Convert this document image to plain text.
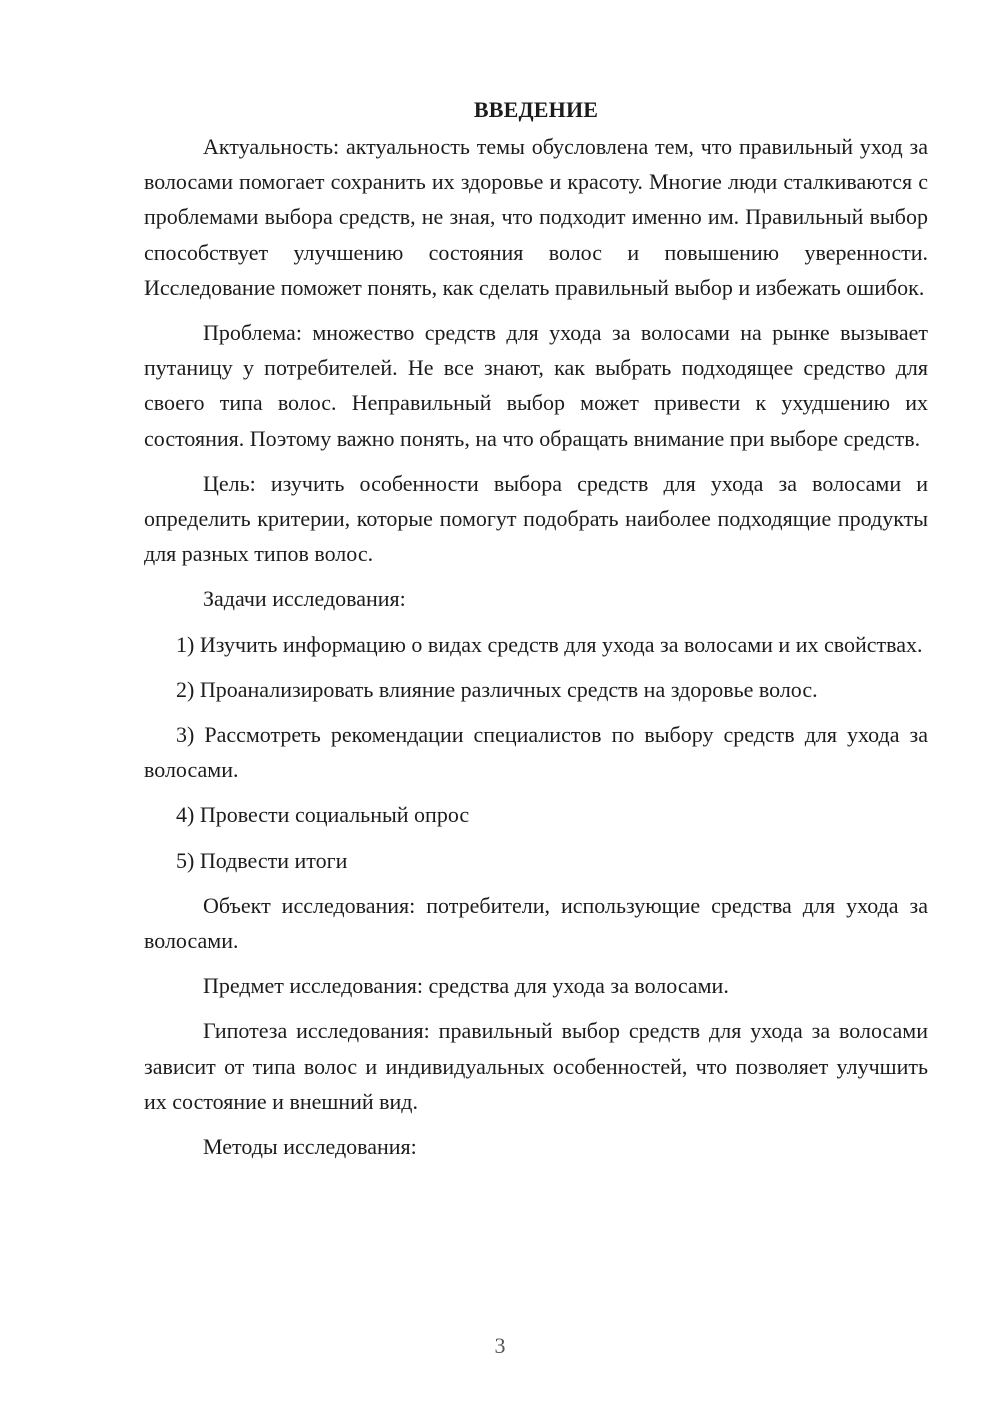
ВВЕДЕНИЕ

Актуальность: актуальность темы обусловлена тем, что правильный уход за волосами помогает сохранить их здоровье и красоту. Многие люди сталкиваются с проблемами выбора средств, не зная, что подходит именно им. Правильный выбор способствует улучшению состояния волос и повышению уверенности. Исследование поможет понять, как сделать правильный выбор и избежать ошибок.

Проблема: множество средств для ухода за волосами на рынке вызывает путаницу у потребителей. Не все знают, как выбрать подходящее средство для своего типа волос. Неправильный выбор может привести к ухудшению их состояния. Поэтому важно понять, на что обращать внимание при выборе средств.

Цель: изучить особенности выбора средств для ухода за волосами и определить критерии, которые помогут подобрать наиболее подходящие продукты для разных типов волос.

Задачи исследования:

1) Изучить информацию о видах средств для ухода за волосами и их свойствах.

2) Проанализировать влияние различных средств на здоровье волос.

3) Рассмотреть рекомендации специалистов по выбору средств для ухода за волосами.

4) Провести социальный опрос

5) Подвести итоги

Объект исследования: потребители, использующие средства для ухода за волосами.

Предмет исследования: средства для ухода за волосами.

Гипотеза исследования: правильный выбор средств для ухода за волосами зависит от типа волос и индивидуальных особенностей, что позволяет улучшить их состояние и внешний вид.

Методы исследования:

3
